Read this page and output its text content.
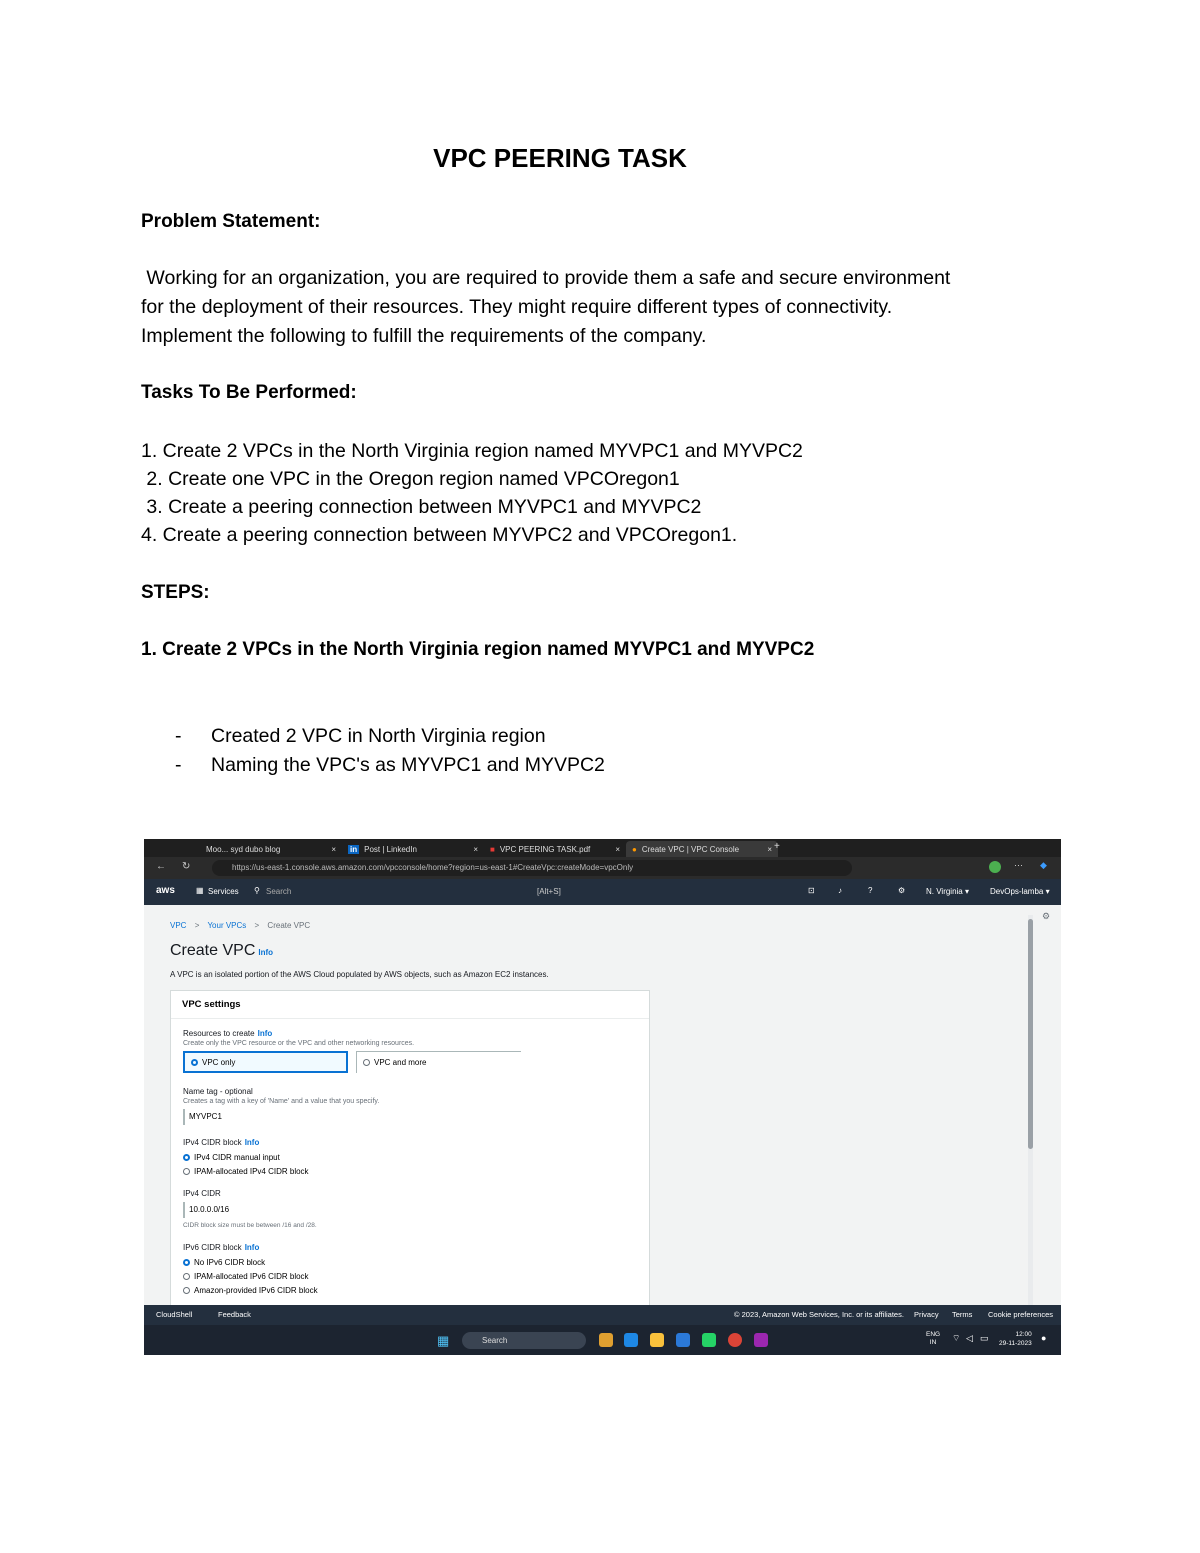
VPC PEERING TASK
Problem Statement:
Working for an organization, you are required to provide them a safe and secure environment
for the deployment of their resources. They might require different types of connectivity.
Implement the following to fulfill the requirements of the company.
Tasks To Be Performed:
1. Create 2 VPCs in the North Virginia region named MYVPC1 and MYVPC2
2. Create one VPC in the Oregon region named VPCOregon1
3. Create a peering connection between MYVPC1 and MYVPC2
4. Create a peering connection between MYVPC2 and VPCOregon1.
STEPS:
1. Create 2 VPCs in the North Virginia region named MYVPC1 and MYVPC2
-	Created 2 VPC in North Virginia region
-	Naming the VPC's as MYVPC1 and MYVPC2
Moo... syd dubo blog	× in Post | LinkedIn	× ■ VPC PEERING TASK.pdf	× ● Create VPC | VPC Console	× +
← ↻	https://us-east-1.console.aws.amazon.com/vpcconsole/home?region=us-east-1#CreateVpc:createMode=vpcOnly	⋯ ◆
aws	▦ Services ⚲ Search	[Alt+S]	⊡	♪	?	⚙	N. Virginia ▾	DevOps-lamba ▾
VPC > Your VPCs > Create VPC
Create VPC Info
A VPC is an isolated portion of the AWS Cloud populated by AWS objects, such as Amazon EC2 instances.
VPC settings
Resources to create Info
Create only the VPC resource or the VPC and other networking resources.
VPC only	VPC and more
Name tag - optional
Creates a tag with a key of 'Name' and a value that you specify.
MYVPC1
IPv4 CIDR block Info
IPv4 CIDR manual input
IPAM-allocated IPv4 CIDR block
IPv4 CIDR
10.0.0.0/16
CIDR block size must be between /16 and /28.
IPv6 CIDR block Info
No IPv6 CIDR block
IPAM-allocated IPv6 CIDR block
Amazon-provided IPv6 CIDR block
⚙
CloudShell	Feedback	© 2023, Amazon Web Services, Inc. or its affiliates. Privacy Terms Cookie preferences
▦	Search
ENG
IN	⌔ ◁ ▭	12:00
29-11-2023
●
